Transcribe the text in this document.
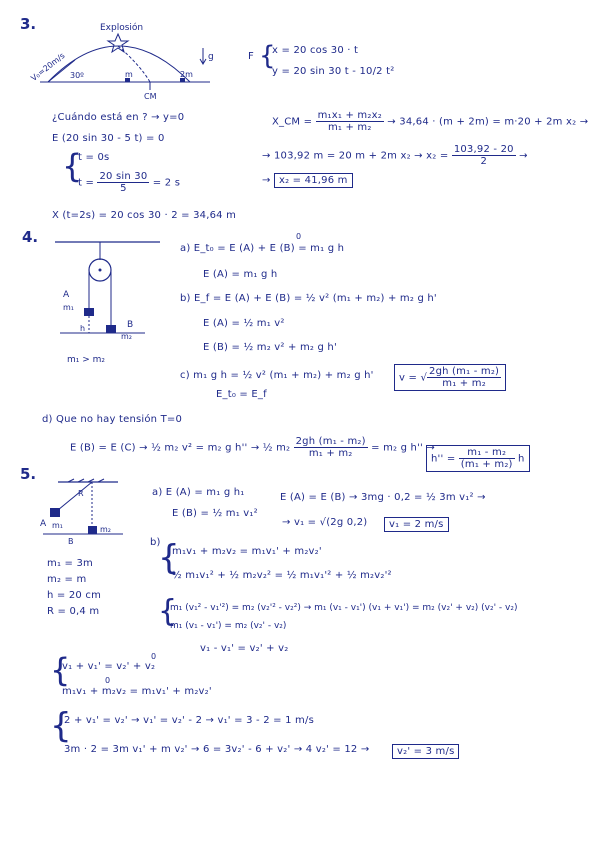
3.	Explosión
V₀=20m/s 30º	m	2m
CM
g	F {
x = 20 cos 30 · t
y = 20 sin 30 t - 10/2 t²
¿Cuándo está en ? → y=0
E (20 sin 30 - 5 t) = 0
{
t = 0s
$t = \frac{20 \sin 30}{5} = 2$ s
X (t=2s) = 20 cos 30 · 2 = 34,64 m
X_CM = $\frac{\text{m₁x₁ + m₂x₂}}{\text{m₁ + m₂}} \to 34,64 \cdot (m + 2m) = m\cdot 20 + 2m$ x₂ →
→ 103,92 m = 20 m + 2m $x_2 \to x_2 = \frac{103,92 - 20}{2}$ →
→ x₂ = 41,96 m
4.
A
m₁
h	B
m₂
m₁ > m₂
0
a) E_t₀ = E (A) + E (B) = m₁ g h
E (A) = m₁ g h
b) E_f = E (A) + E (B) = ½ v² (m₁ + m₂) + m₂ g h'
E (A) = ½ m₁ v²
E (B) = ½ m₂ v² + m₂ g h'
c) m₁ g h = ½ v² (m₁ + m₂) + m₂ g h'
E_t₀ = E_f
v = √ $\frac{\text{2gh (m₁ - m₂)}}{\text{m₁ + m₂}}$
d) Que no hay tensión T=0
E (B) = E (C) → ½ m₂ v² = m₂ g h'' → ½ $m_2 \frac{\text{2gh (m₁ - m₂)}}{\text{m₁ + m₂}} = m_2$ g h'' →
$h'' = \frac{\text{m₁ - m₂}}{\text{(m₁ + m₂)}}$ h
5.
A
B
m₁	m₂
R
m₁ = 3m
m₂ = m
h = 20 cm
R = 0,4 m
a) E (A) = m₁ g h₁	E (A) = E (B) → 3mg · 0,2 = ½ 3m v₁² →
E (B) = ½ m₁ v₁²
→ v₁ = √(2g 0,2)	v₁ = 2 m/s
b)
{
m₁v₁ + m₂v₂ = m₁v₁' + m₂v₂'
½ m₁v₁² + ½ m₂v₂² = ½ m₁v₁'² + ½ m₂v₂'²
{
m₁ (v₁² - v₁'²) = m₂ (v₂'² - v₂²) → m₁ (v₁ - v₁') (v₁ + v₁') = m₂ (v₂' + v₂) (v₂' - v₂)
m₁ (v₁ - v₁') = m₂ (v₂' - v₂)
v₁ - v₁' = v₂' + v₂
{	0
v₁ + v₁' = v₂' + v₂
0
m₁v₁ + m₂v₂ = m₁v₁' + m₂v₂'
{
2 + v₁' = v₂' → v₁' = v₂' - 2 → v₁' = 3 - 2 = 1 m/s
3m · 2 = 3m v₁' + m v₂' → 6 = 3v₂' - 6 + v₂' → 4 v₂' = 12 →	v₂' = 3 m/s
